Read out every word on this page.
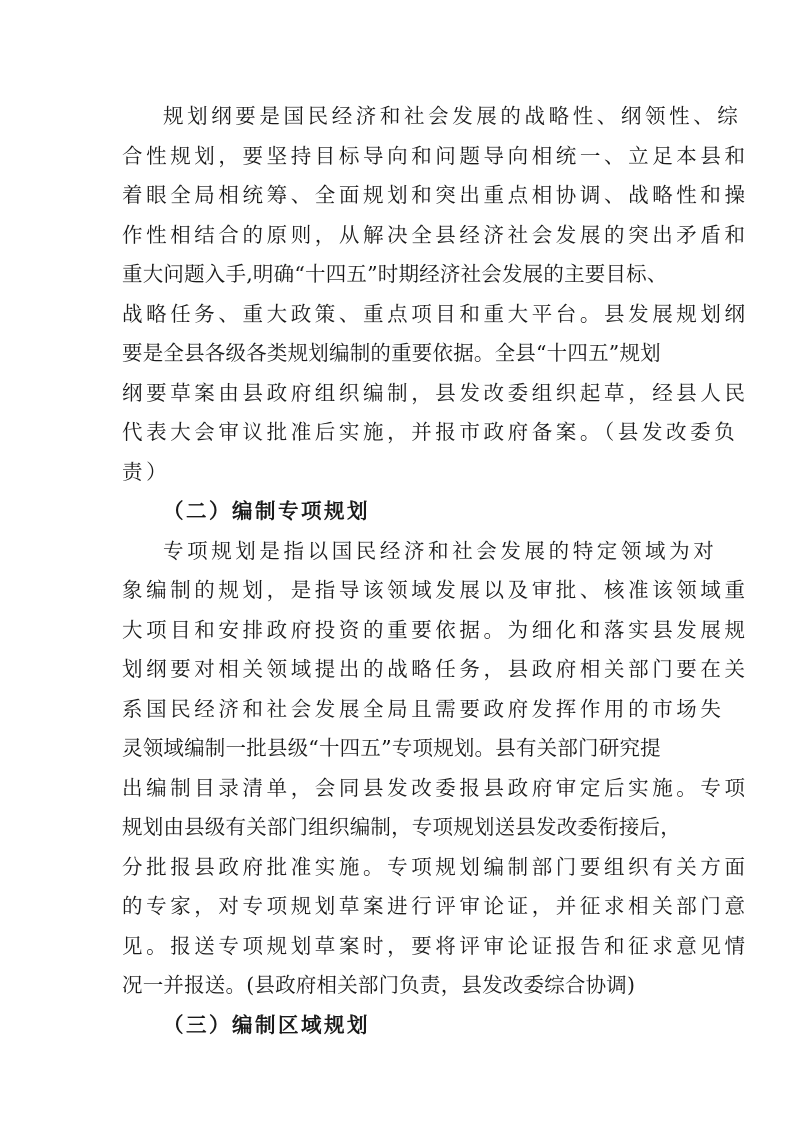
规划纲要是国民经济和社会发展的战略性、纲领性、综
合性规划，要坚持目标导向和问题导向相统一、立足本县和
着眼全局相统筹、全面规划和突出重点相协调、战略性和操
作性相结合的原则，从解决全县经济社会发展的突出矛盾和
重大问题入手,明确“十四五”时期经济社会发展的主要目标、
战略任务、重大政策、重点项目和重大平台。县发展规划纲
要是全县各级各类规划编制的重要依据。全县“十四五”规划
纲要草案由县政府组织编制，县发改委组织起草，经县人民
代表大会审议批准后实施，并报市政府备案。（县发改委负
责）
（二）编制专项规划
专项规划是指以国民经济和社会发展的特定领域为对
象编制的规划，是指导该领域发展以及审批、核准该领域重
大项目和安排政府投资的重要依据。为细化和落实县发展规
划纲要对相关领域提出的战略任务，县政府相关部门要在关
系国民经济和社会发展全局且需要政府发挥作用的市场失
灵领域编制一批县级“十四五”专项规划。县有关部门研究提
出编制目录清单，会同县发改委报县政府审定后实施。专项
规划由县级有关部门组织编制，专项规划送县发改委衔接后，
分批报县政府批准实施。专项规划编制部门要组织有关方面
的专家，对专项规划草案进行评审论证，并征求相关部门意
见。报送专项规划草案时，要将评审论证报告和征求意见情
况一并报送。(县政府相关部门负责，县发改委综合协调)
（三）编制区域规划
